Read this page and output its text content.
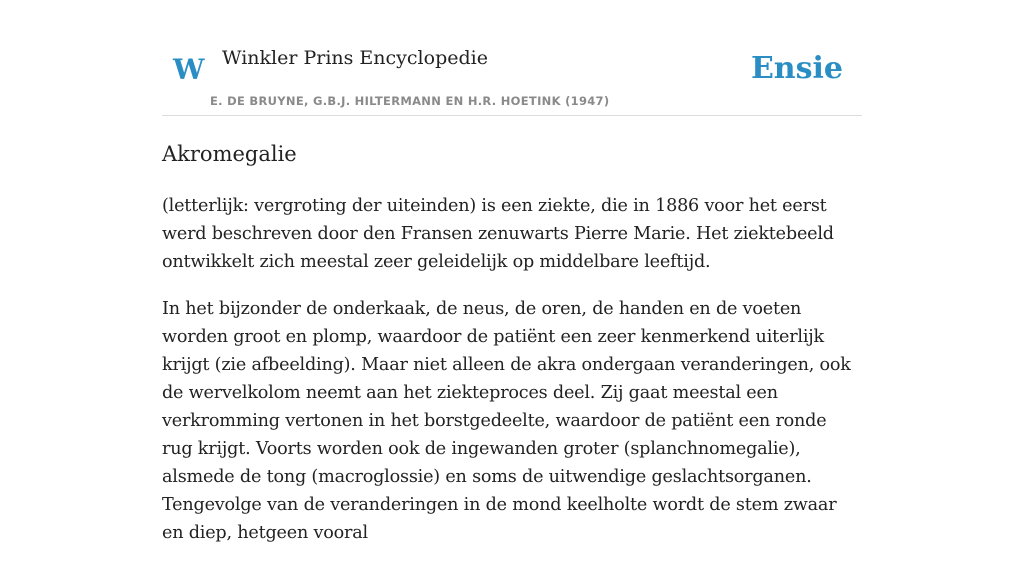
W Winkler Prins Encyclopedie
E. DE BRUYNE, G.B.J. HILTERMANN EN H.R. HOETINK (1947)
Ensie
Akromegalie

(letterlijk: vergroting der uiteinden) is een ziekte, die in 1886 voor het eerst werd beschreven door den Fransen zenuwarts Pierre Marie. Het ziektebeeld ontwikkelt zich meestal zeer geleidelijk op middelbare leeftijd.

In het bijzonder de onderkaak, de neus, de oren, de handen en de voeten worden groot en plomp, waardoor de patiënt een zeer kenmerkend uiterlijk krijgt (zie afbeelding). Maar niet alleen de akra ondergaan veranderingen, ook de wervelkolom neemt aan het ziekteproces deel. Zij gaat meestal een verkromming vertonen in het borstgedeelte, waardoor de patiënt een ronde rug krijgt. Voorts worden ook de ingewanden groter (splanchnomegalie), alsmede de tong (macroglossie) en soms de uitwendige geslachtsorganen. Tengevolge van de veranderingen in de mond keelholte wordt de stem zwaar en diep, hetgeen vooral
